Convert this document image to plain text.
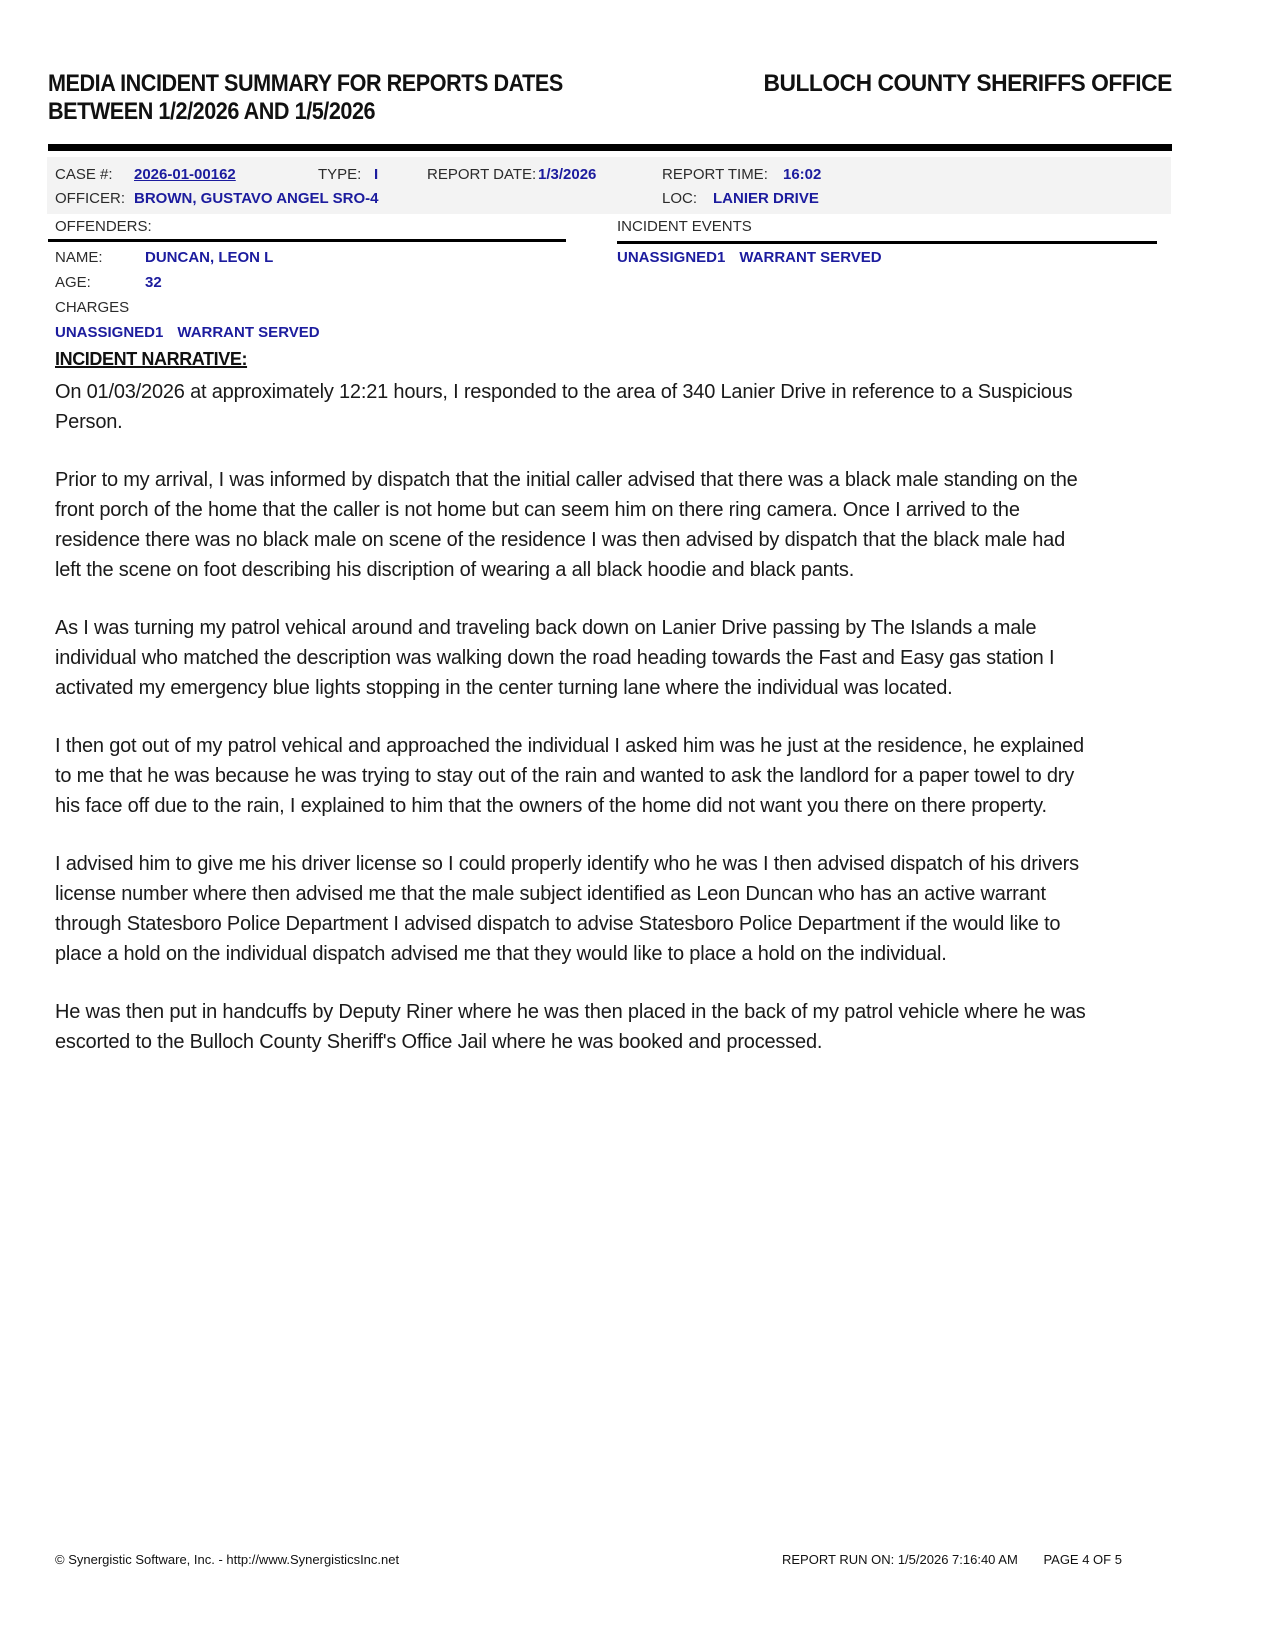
MEDIA INCIDENT SUMMARY FOR REPORTS DATES
BETWEEN 1/2/2026 AND 1/5/2026
BULLOCH COUNTY SHERIFFS OFFICE
CASE #: 2026-01-00162	TYPE: I	REPORT DATE: 1/3/2026	REPORT TIME: 16:02
OFFICER: BROWN, GUSTAVO ANGEL SRO-4	LOC: LANIER DRIVE
OFFENDERS:
NAME:	DUNCAN, LEON L
AGE:	32
CHARGES
UNASSIGNED1 WARRANT SERVED
INCIDENT EVENTS
UNASSIGNED1 WARRANT SERVED
INCIDENT NARRATIVE:

On 01/03/2026 at approximately 12:21 hours, I responded to the area of 340 Lanier Drive in reference to a Suspicious Person.

Prior to my arrival, I was informed by dispatch that the initial caller advised that there was a black male standing on the front porch of the home that the caller is not home but can seem him on there ring camera. Once I arrived to the residence there was no black male on scene of the residence I was then advised by dispatch that the black male had left the scene on foot describing his discription of wearing a all black hoodie and black pants.

As I was turning my patrol vehical around and traveling back down on Lanier Drive passing by The Islands a male individual who matched the description was walking down the road heading towards the Fast and Easy gas station I activated my emergency blue lights stopping in the center turning lane where the individual was located.

I then got out of my patrol vehical and approached the individual I asked him was he just at the residence, he explained to me that he was because he was trying to stay out of the rain and wanted to ask the landlord for a paper towel to dry his face off due to the rain, I explained to him that the owners of the home did not want you there on there property.

I advised him to give me his driver license so I could properly identify who he was I then advised dispatch of his drivers license number where then advised me that the male subject identified as Leon Duncan who has an active warrant through Statesboro Police Department I advised dispatch to advise Statesboro Police Department if the would like to place a hold on the individual dispatch advised me that they would like to place a hold on the individual.

He was then put in handcuffs by Deputy Riner where he was then placed in the back of my patrol vehicle where he was escorted to the Bulloch County Sheriff's Office Jail where he was booked and processed.

© Synergistic Software, Inc. - http://www.SynergisticsInc.net	REPORT RUN ON: 1/5/2026 7:16:40 AM PAGE 4 OF 5
